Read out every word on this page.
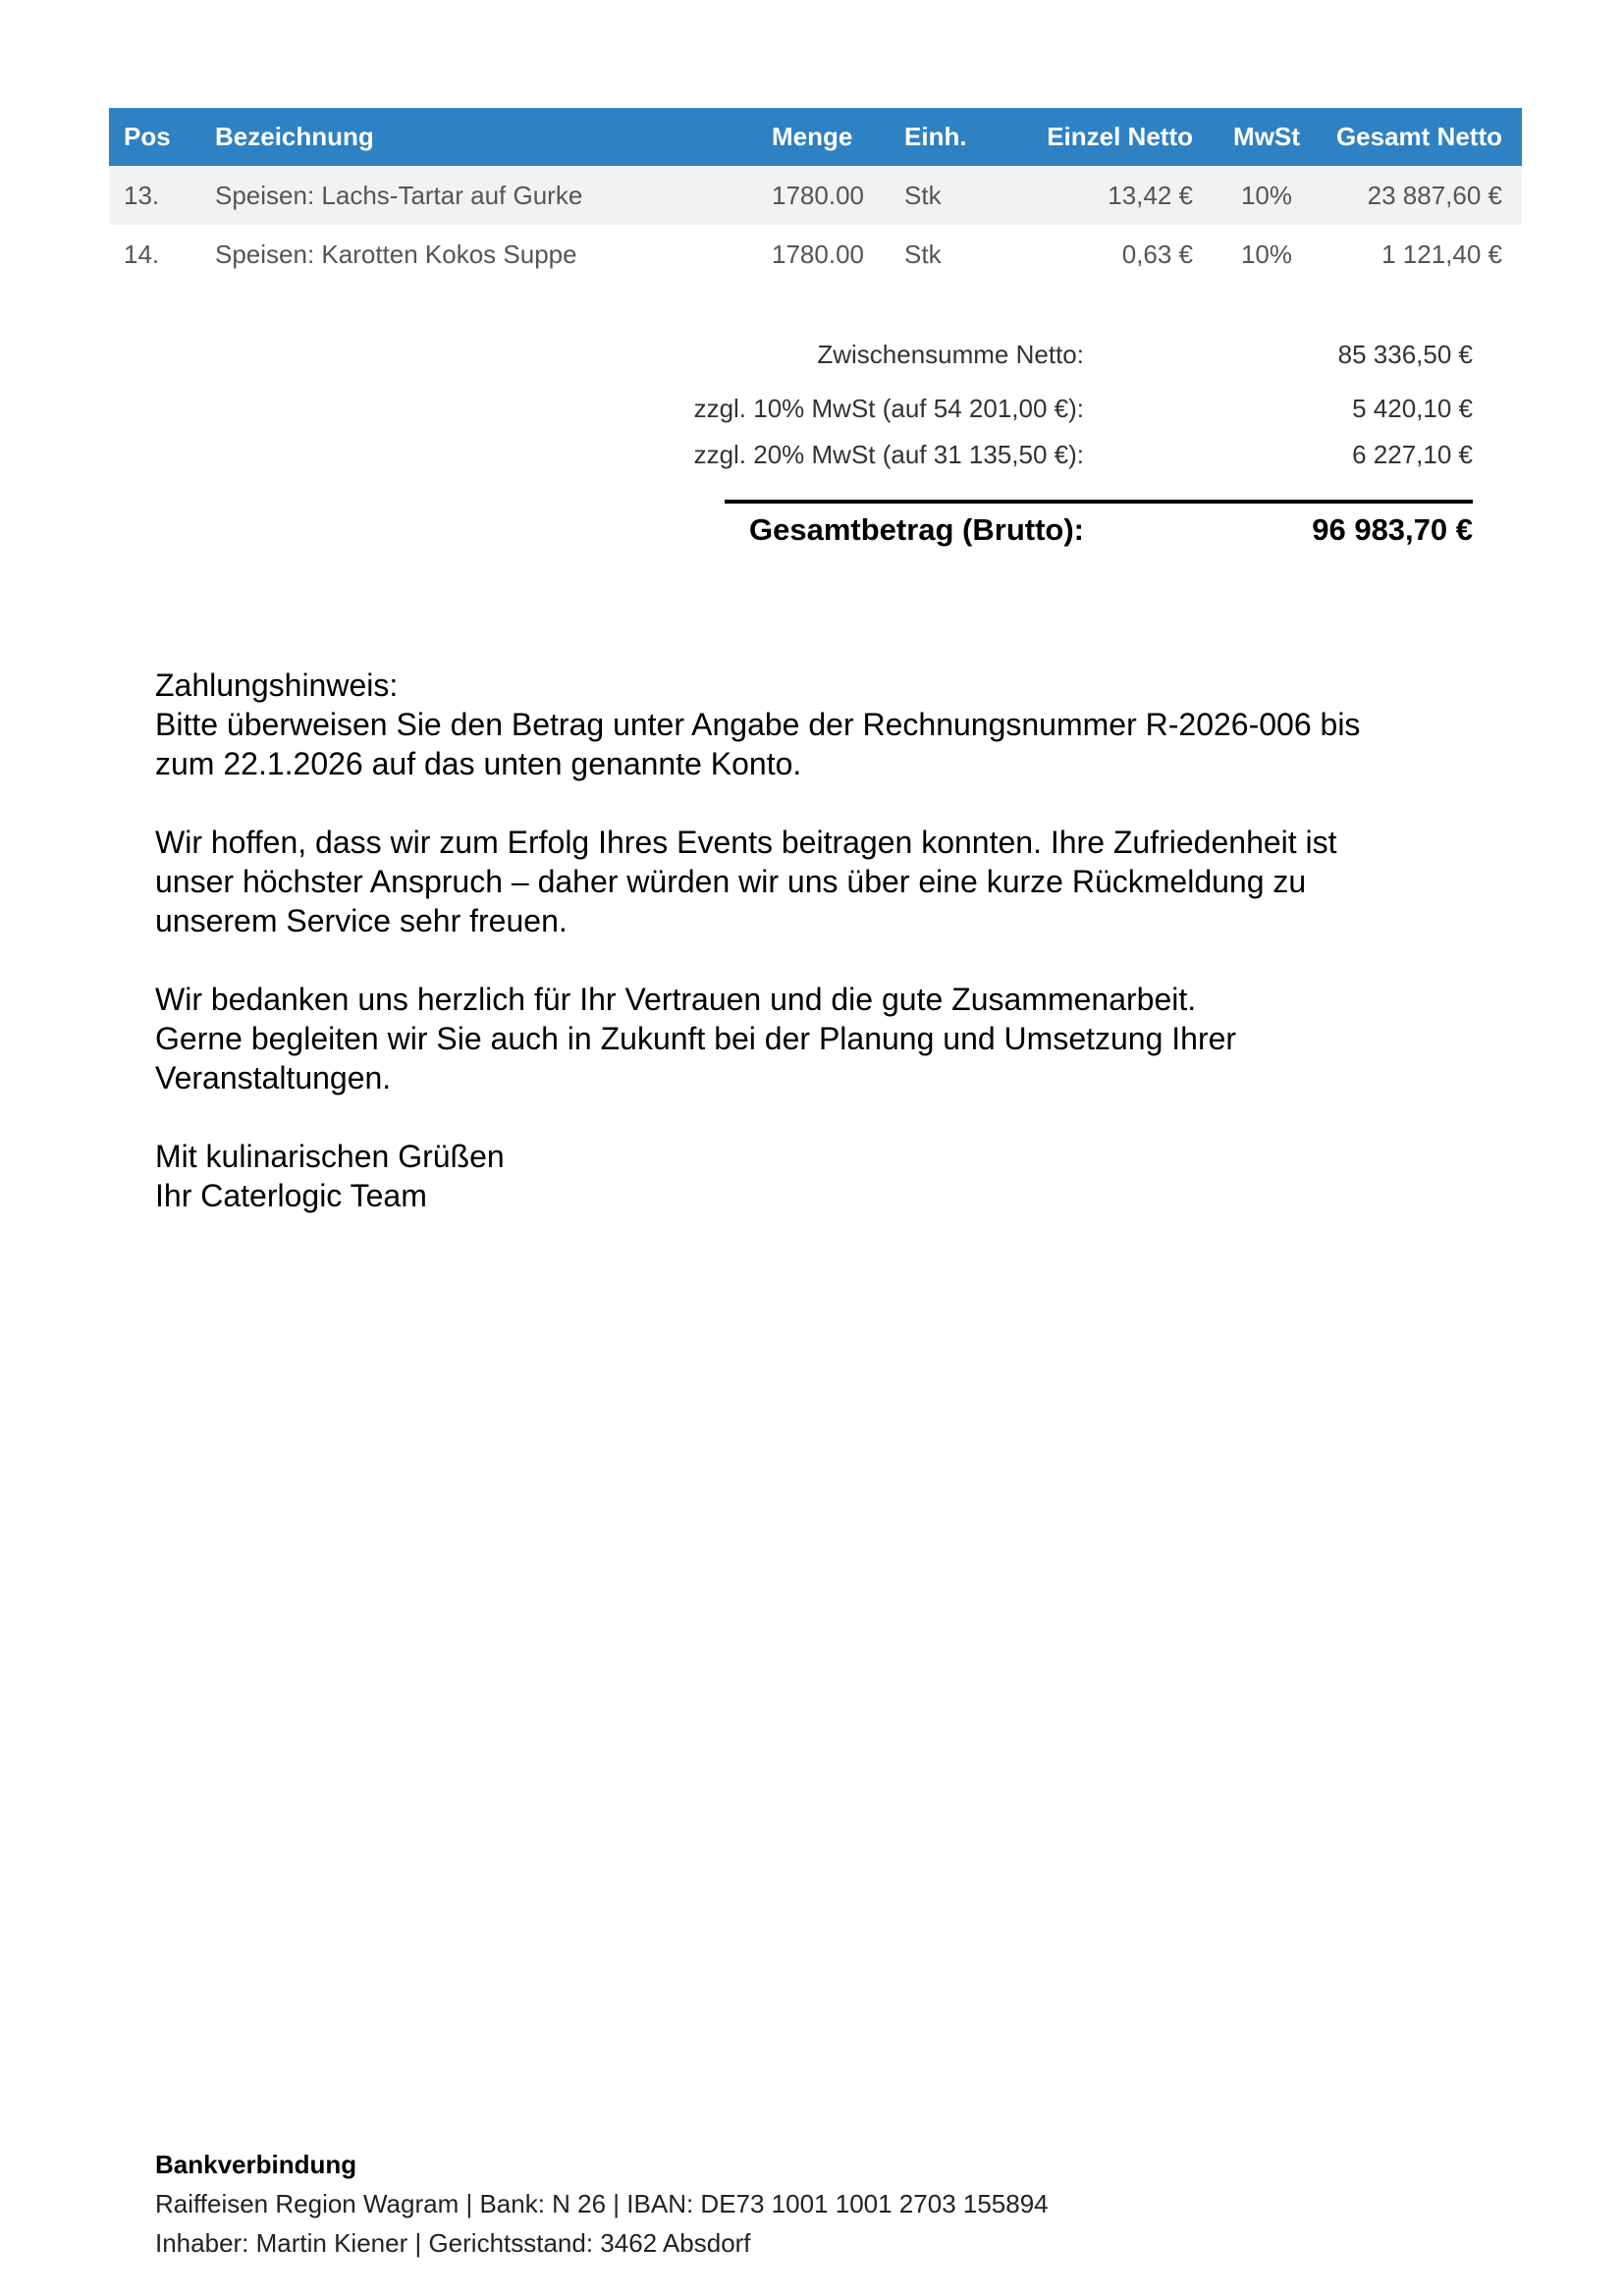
Pos	Bezeichnung	Menge	Einh.	Einzel Netto	MwSt	Gesamt Netto
13.	Speisen: Lachs-Tartar auf Gurke	1780.00	Stk	13,42 €	10%	23 887,60 €
14.	Speisen: Karotten Kokos Suppe	1780.00	Stk	0,63 €	10%	1 121,40 €
Zwischensumme Netto:	85 336,50 €
zzgl. 10% MwSt (auf 54 201,00 €):	5 420,10 €
zzgl. 20% MwSt (auf 31 135,50 €):	6 227,10 €
Gesamtbetrag (Brutto):	96 983,70 €

Zahlungshinweis:
Bitte überweisen Sie den Betrag unter Angabe der Rechnungsnummer R-2026-006 bis
zum 22.1.2026 auf das unten genannte Konto.

Wir hoffen, dass wir zum Erfolg Ihres Events beitragen konnten. Ihre Zufriedenheit ist
unser höchster Anspruch – daher würden wir uns über eine kurze Rückmeldung zu
unserem Service sehr freuen.

Wir bedanken uns herzlich für Ihr Vertrauen und die gute Zusammenarbeit.
Gerne begleiten wir Sie auch in Zukunft bei der Planung und Umsetzung Ihrer
Veranstaltungen.

Mit kulinarischen Grüßen
Ihr Caterlogic Team

Bankverbindung
Raiffeisen Region Wagram | Bank: N 26 | IBAN: DE73 1001 1001 2703 155894
Inhaber: Martin Kiener | Gerichtsstand: 3462 Absdorf
